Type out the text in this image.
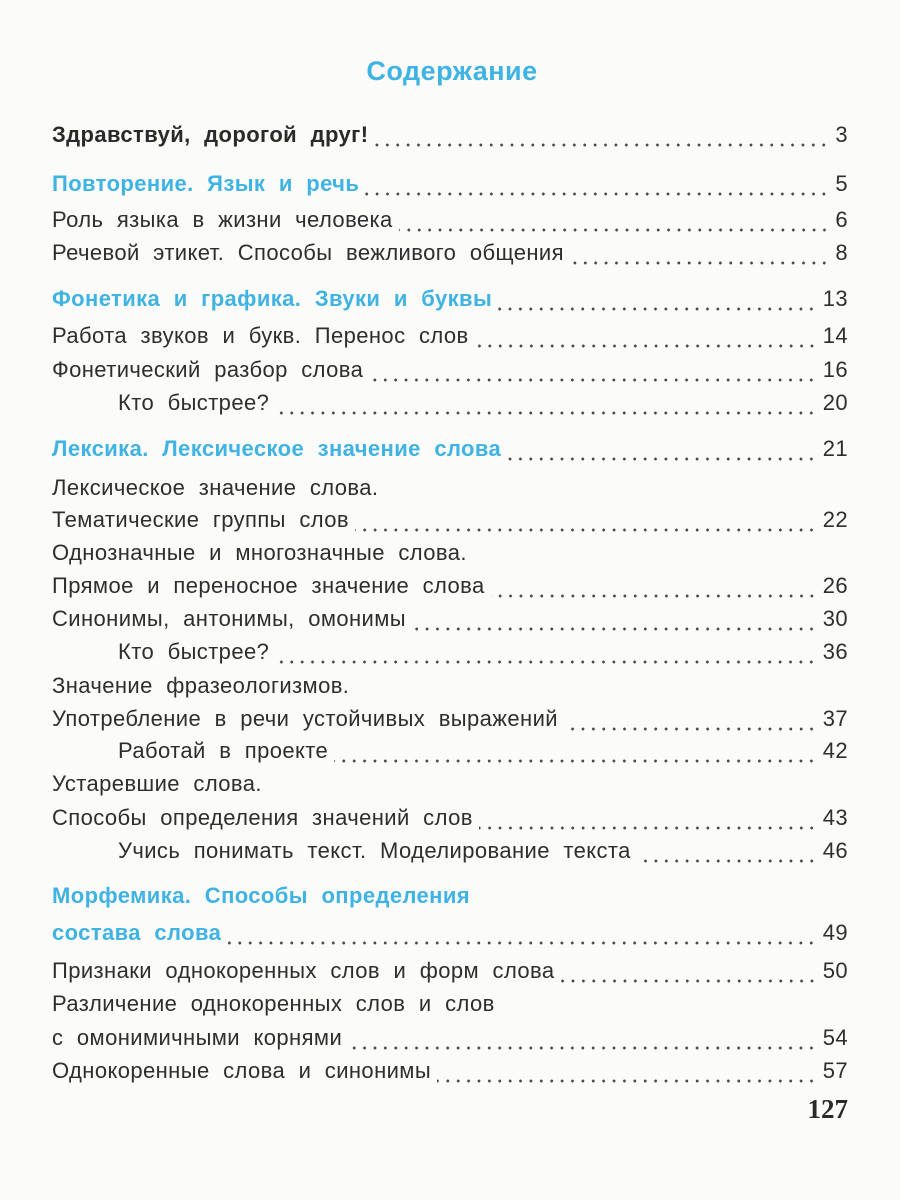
Содержание
Здравствуй, дорогой друг!	3
Повторение. Язык и речь	5
Роль языка в жизни человека	6
Речевой этикет. Способы вежливого общения	8
Фонетика и графика. Звуки и буквы	13
Работа звуков и букв. Перенос слов	14
Фонетический разбор слова	16
Кто быстрее?	20
Лексика. Лексическое значение слова	21
Лексическое значение слова.
Тематические группы слов	22
Однозначные и многозначные слова.
Прямое и переносное значение слова	26
Синонимы, антонимы, омонимы	30
Кто быстрее?	36
Значение фразеологизмов.
Употребление в речи устойчивых выражений	37
Работай в проекте	42
Устаревшие слова.
Способы определения значений слов	43
Учись понимать текст. Моделирование текста	46
Морфемика. Способы определения
состава слова	49
Признаки однокоренных слов и форм слова	50
Различение однокоренных слов и слов
с омонимичными корнями	54
Однокоренные слова и синонимы	57
127
